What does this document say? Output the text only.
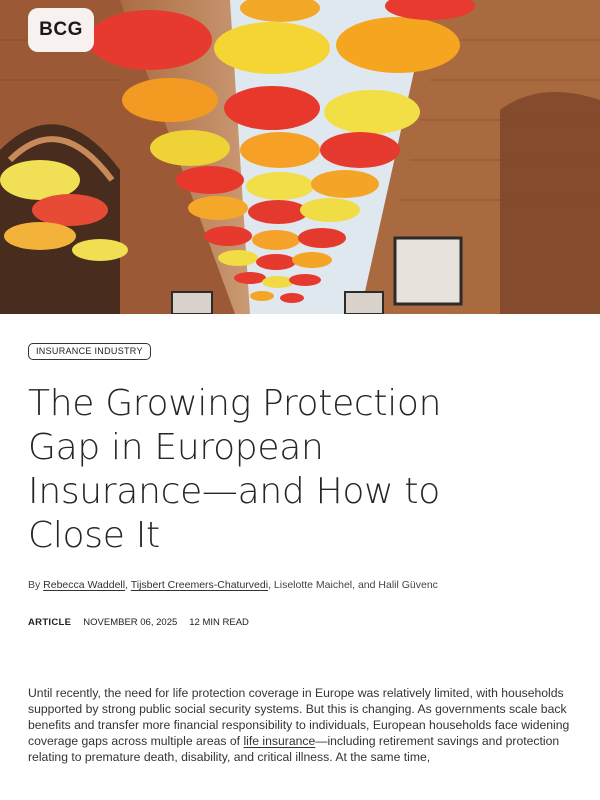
BCG
INSURANCE INDUSTRY
The Growing Protection
Gap in European
Insurance—and How to
Close It
By Rebecca Waddell, Tijsbert Creemers-Chaturvedi, Liselotte Maichel, and Halil Güvenc
ARTICLE NOVEMBER 06, 2025 12 MIN READ

Until recently, the need for life protection coverage in Europe was relatively limited, with households supported by strong public social security systems. But this is changing. As governments scale back benefits and transfer more financial responsibility to individuals, European households face widening coverage gaps across multiple areas of life insurance—including retirement savings and protection relating to premature death, disability, and critical illness. At the same time,
